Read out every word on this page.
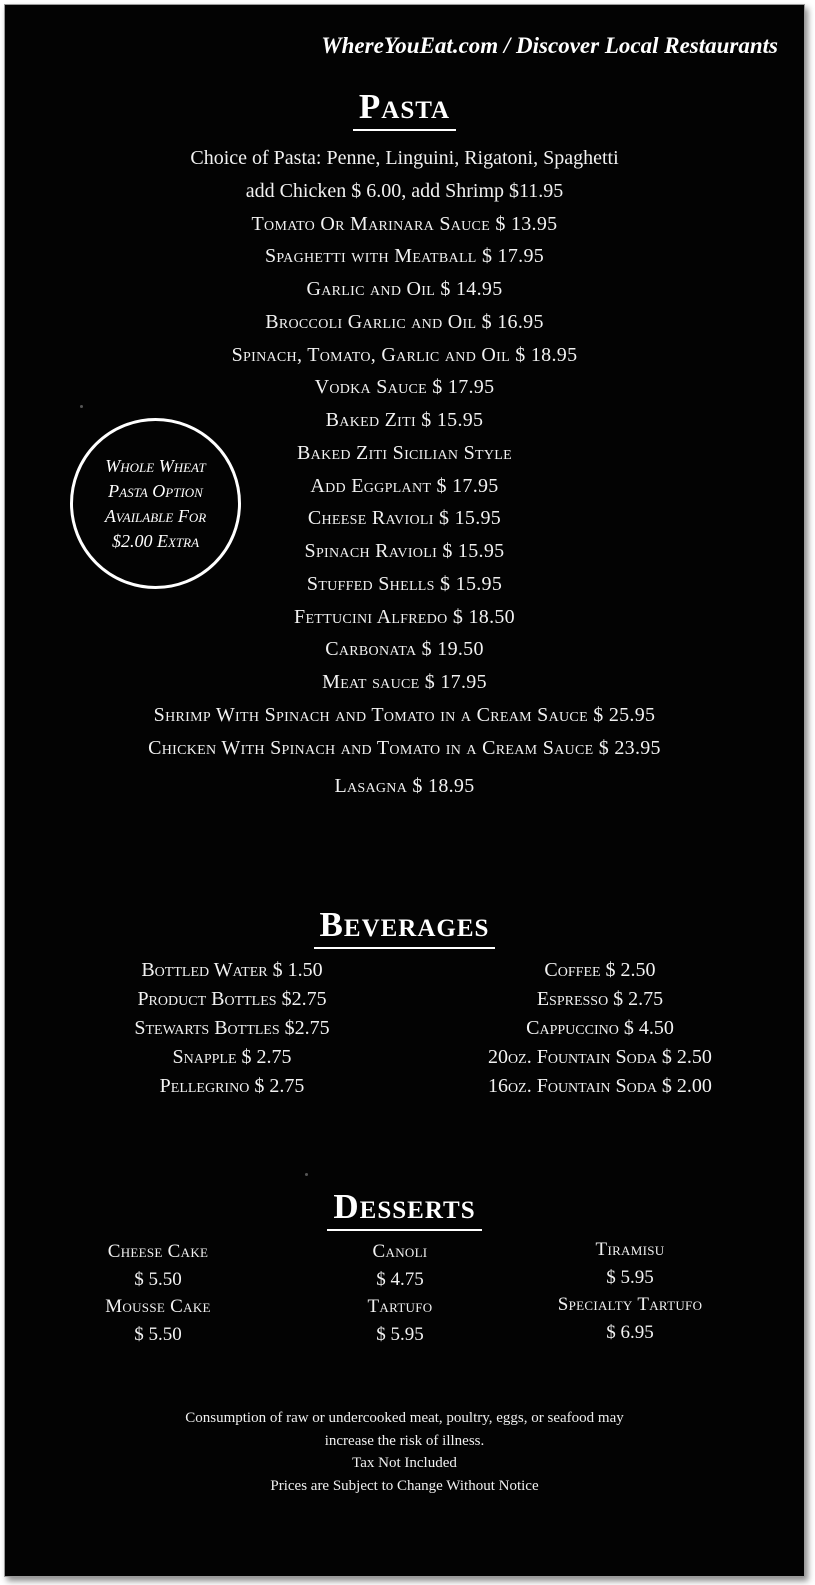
WhereYouEat.com / Discover Local Restaurants
Pasta
Choice of Pasta: Penne, Linguini, Rigatoni, Spaghetti
add Chicken $ 6.00, add Shrimp $11.95
Tomato Or Marinara Sauce $ 13.95
Spaghetti with Meatball $ 17.95
Garlic and Oil $ 14.95
Broccoli Garlic and Oil $ 16.95
Spinach, Tomato, Garlic and Oil $ 18.95
Vodka Sauce $ 17.95
Baked Ziti $ 15.95
Baked Ziti Sicilian Style
Add Eggplant $ 17.95
Cheese Ravioli $ 15.95
Spinach Ravioli $ 15.95
Stuffed Shells $ 15.95
Fettucini Alfredo $ 18.50
Carbonata $ 19.50
Meat sauce $ 17.95
Shrimp With Spinach and Tomato in a Cream Sauce $ 25.95
Chicken With Spinach and Tomato in a Cream Sauce $ 23.95
Lasagna $ 18.95
Whole Wheat
Pasta Option
Available For
$2.00 Extra
Beverages
Bottled Water $ 1.50
Product Bottles $2.75
Stewarts Bottles $2.75
Snapple $ 2.75
Pellegrino $ 2.75
Coffee $ 2.50
Espresso $ 2.75
Cappuccino $ 4.50
20oz. Fountain Soda $ 2.50
16oz. Fountain Soda $ 2.00
Desserts
Cheese Cake
$ 5.50
Mousse Cake
$ 5.50
Canoli
$ 4.75
Tartufo
$ 5.95
Tiramisu
$ 5.95
Specialty Tartufo
$ 6.95
Consumption of raw or undercooked meat, poultry, eggs, or seafood may
increase the risk of illness.
Tax Not Included
Prices are Subject to Change Without Notice
